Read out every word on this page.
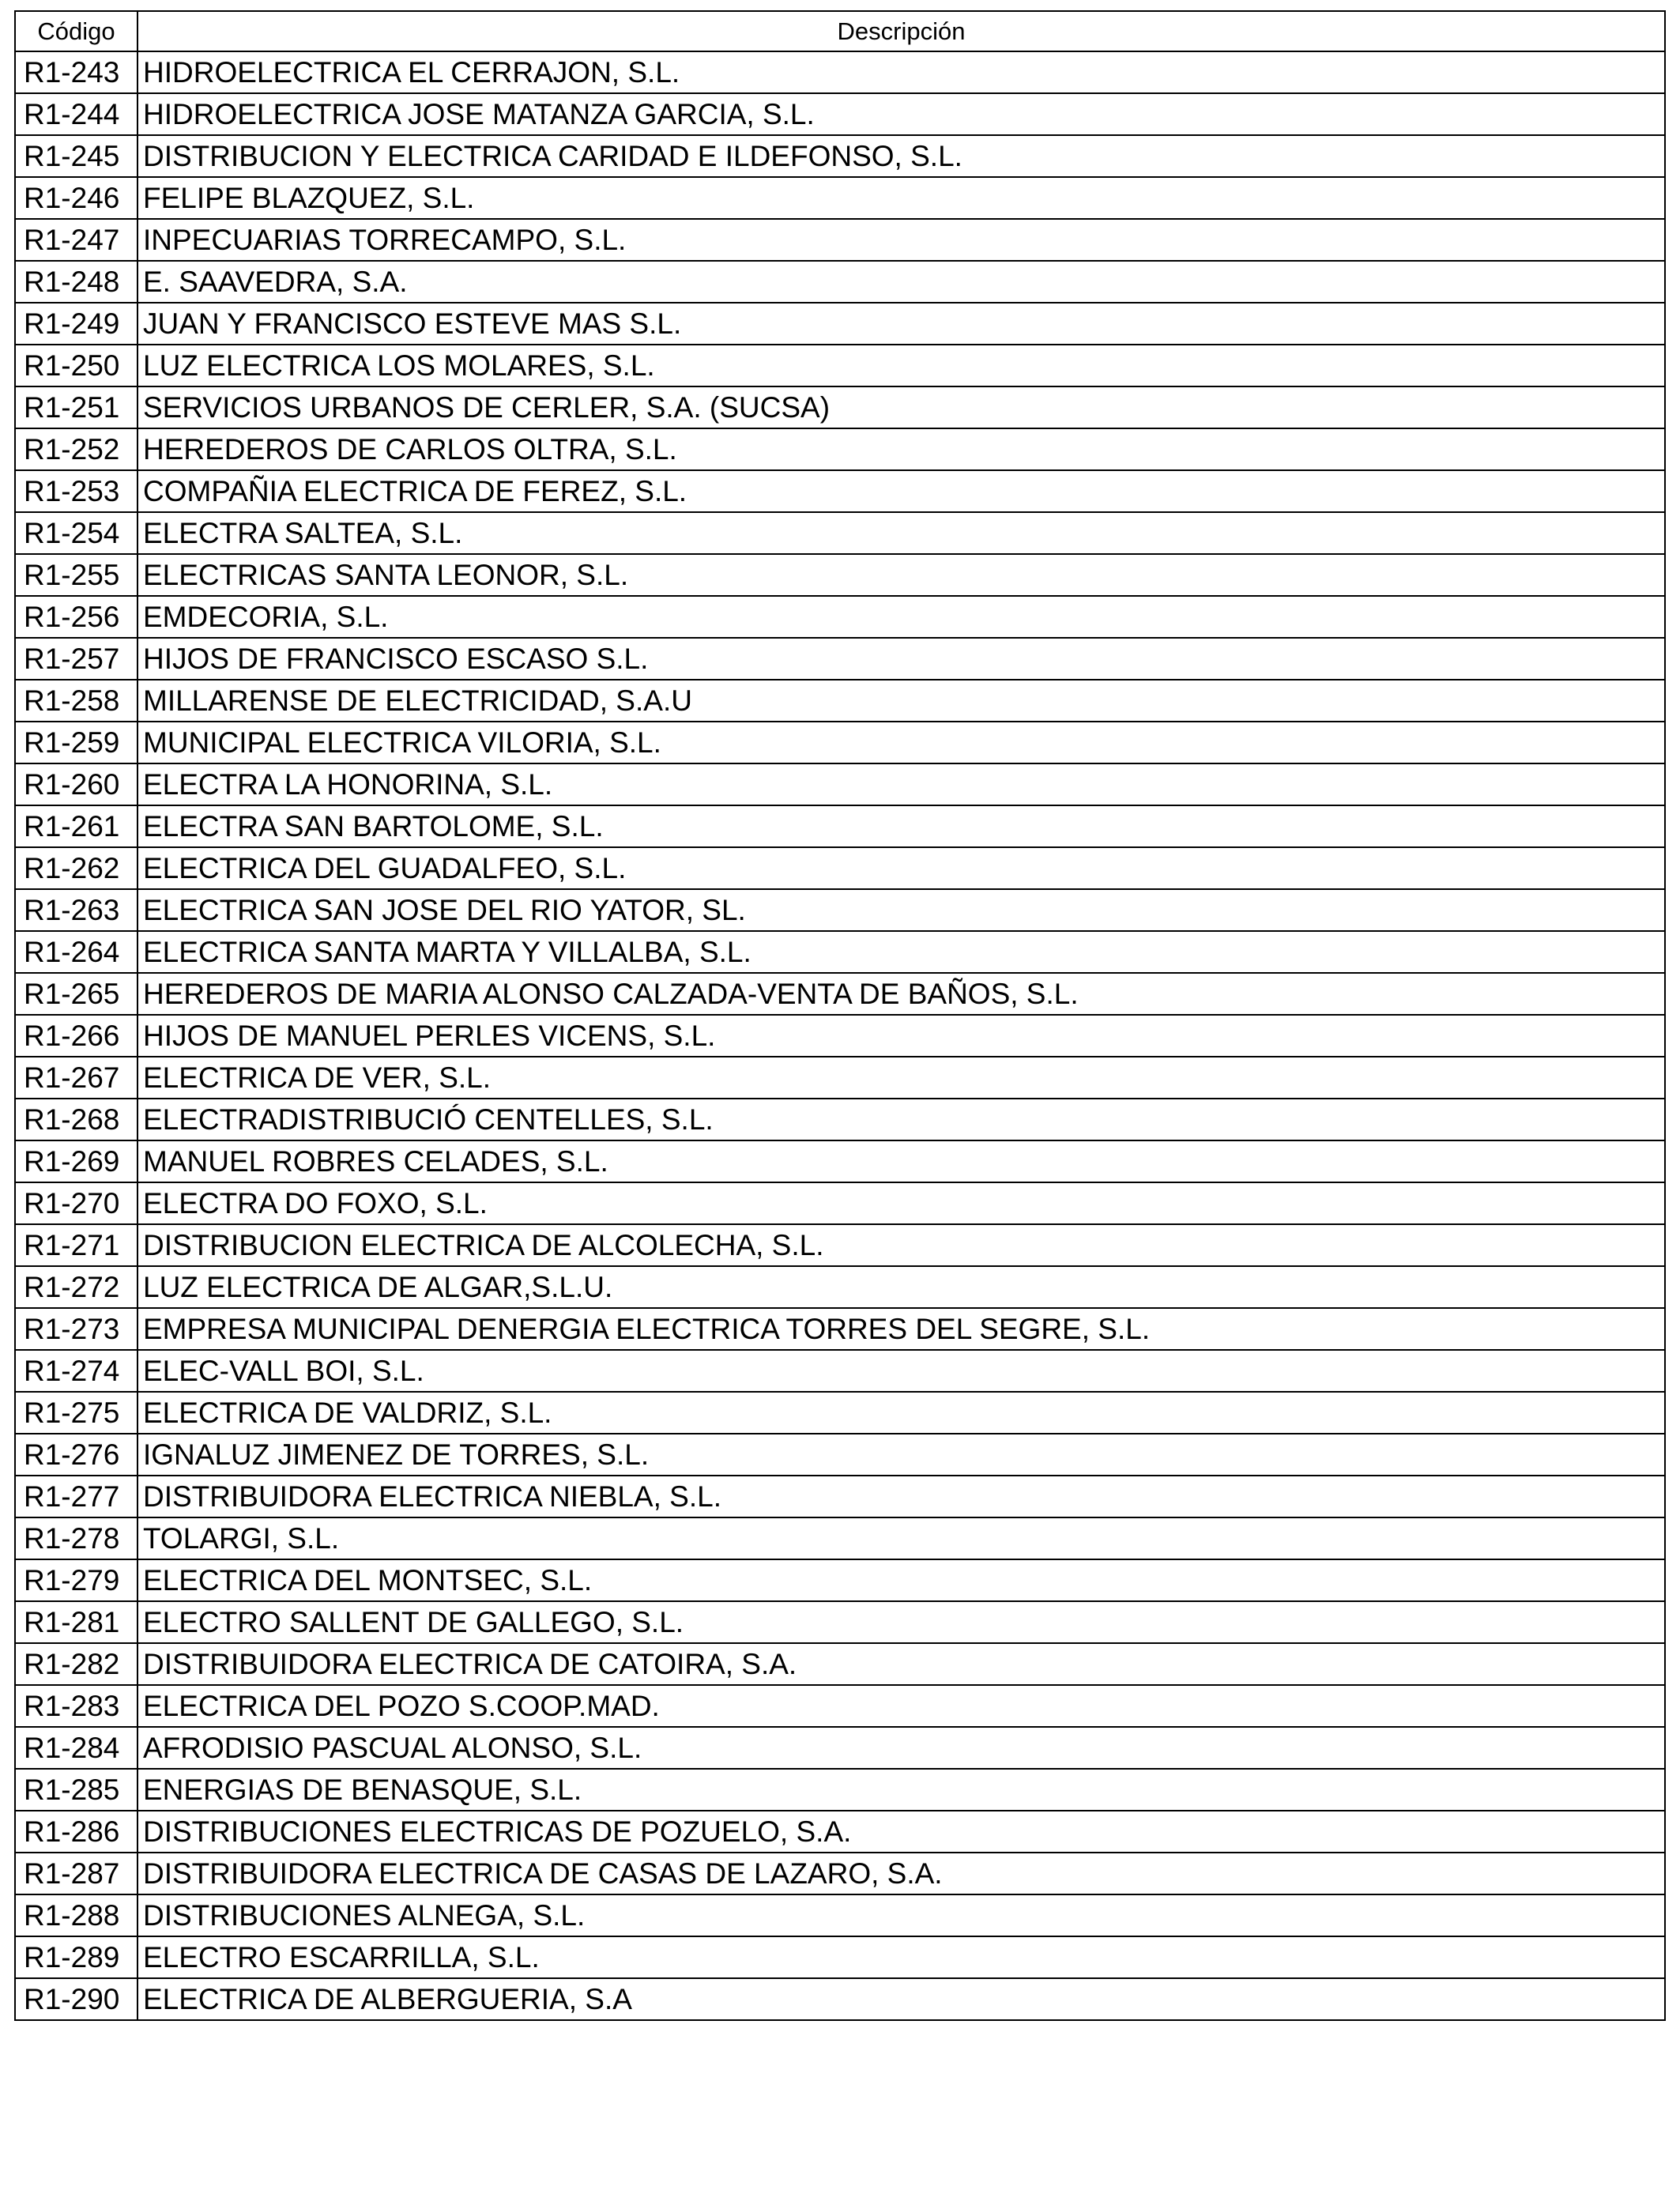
Código	Descripción
R1-243	HIDROELECTRICA EL CERRAJON, S.L.
R1-244	HIDROELECTRICA JOSE MATANZA GARCIA, S.L.
R1-245	DISTRIBUCION Y ELECTRICA CARIDAD E ILDEFONSO, S.L.
R1-246	FELIPE BLAZQUEZ, S.L.
R1-247	INPECUARIAS TORRECAMPO, S.L.
R1-248	E. SAAVEDRA, S.A.
R1-249	JUAN Y FRANCISCO ESTEVE MAS S.L.
R1-250	LUZ ELECTRICA LOS MOLARES, S.L.
R1-251	SERVICIOS URBANOS DE CERLER, S.A. (SUCSA)
R1-252	HEREDEROS DE CARLOS OLTRA, S.L.
R1-253	COMPAÑIA ELECTRICA DE FEREZ, S.L.
R1-254	ELECTRA SALTEA, S.L.
R1-255	ELECTRICAS SANTA LEONOR, S.L.
R1-256	EMDECORIA, S.L.
R1-257	HIJOS DE FRANCISCO ESCASO S.L.
R1-258	MILLARENSE DE ELECTRICIDAD, S.A.U
R1-259	MUNICIPAL ELECTRICA VILORIA, S.L.
R1-260	ELECTRA LA HONORINA, S.L.
R1-261	ELECTRA SAN BARTOLOME, S.L.
R1-262	ELECTRICA DEL GUADALFEO, S.L.
R1-263	ELECTRICA SAN JOSE DEL RIO YATOR, SL.
R1-264	ELECTRICA SANTA MARTA Y VILLALBA, S.L.
R1-265	HEREDEROS DE MARIA ALONSO CALZADA-VENTA DE BAÑOS, S.L.
R1-266	HIJOS DE MANUEL PERLES VICENS, S.L.
R1-267	ELECTRICA DE VER, S.L.
R1-268	ELECTRADISTRIBUCIÓ CENTELLES, S.L.
R1-269	MANUEL ROBRES CELADES, S.L.
R1-270	ELECTRA DO FOXO, S.L.
R1-271	DISTRIBUCION ELECTRICA DE ALCOLECHA, S.L.
R1-272	LUZ ELECTRICA DE ALGAR,S.L.U.
R1-273	EMPRESA MUNICIPAL DENERGIA ELECTRICA TORRES DEL SEGRE, S.L.
R1-274	ELEC-VALL BOI, S.L.
R1-275	ELECTRICA DE VALDRIZ, S.L.
R1-276	IGNALUZ JIMENEZ DE TORRES, S.L.
R1-277	DISTRIBUIDORA ELECTRICA NIEBLA, S.L.
R1-278	TOLARGI, S.L.
R1-279	ELECTRICA DEL MONTSEC, S.L.
R1-281	ELECTRO SALLENT DE GALLEGO, S.L.
R1-282	DISTRIBUIDORA ELECTRICA DE CATOIRA, S.A.
R1-283	ELECTRICA DEL POZO S.COOP.MAD.
R1-284	AFRODISIO PASCUAL ALONSO, S.L.
R1-285	ENERGIAS DE BENASQUE, S.L.
R1-286	DISTRIBUCIONES ELECTRICAS DE POZUELO, S.A.
R1-287	DISTRIBUIDORA ELECTRICA DE CASAS DE LAZARO, S.A.
R1-288	DISTRIBUCIONES ALNEGA, S.L.
R1-289	ELECTRO ESCARRILLA, S.L.
R1-290	ELECTRICA DE ALBERGUERIA, S.A
